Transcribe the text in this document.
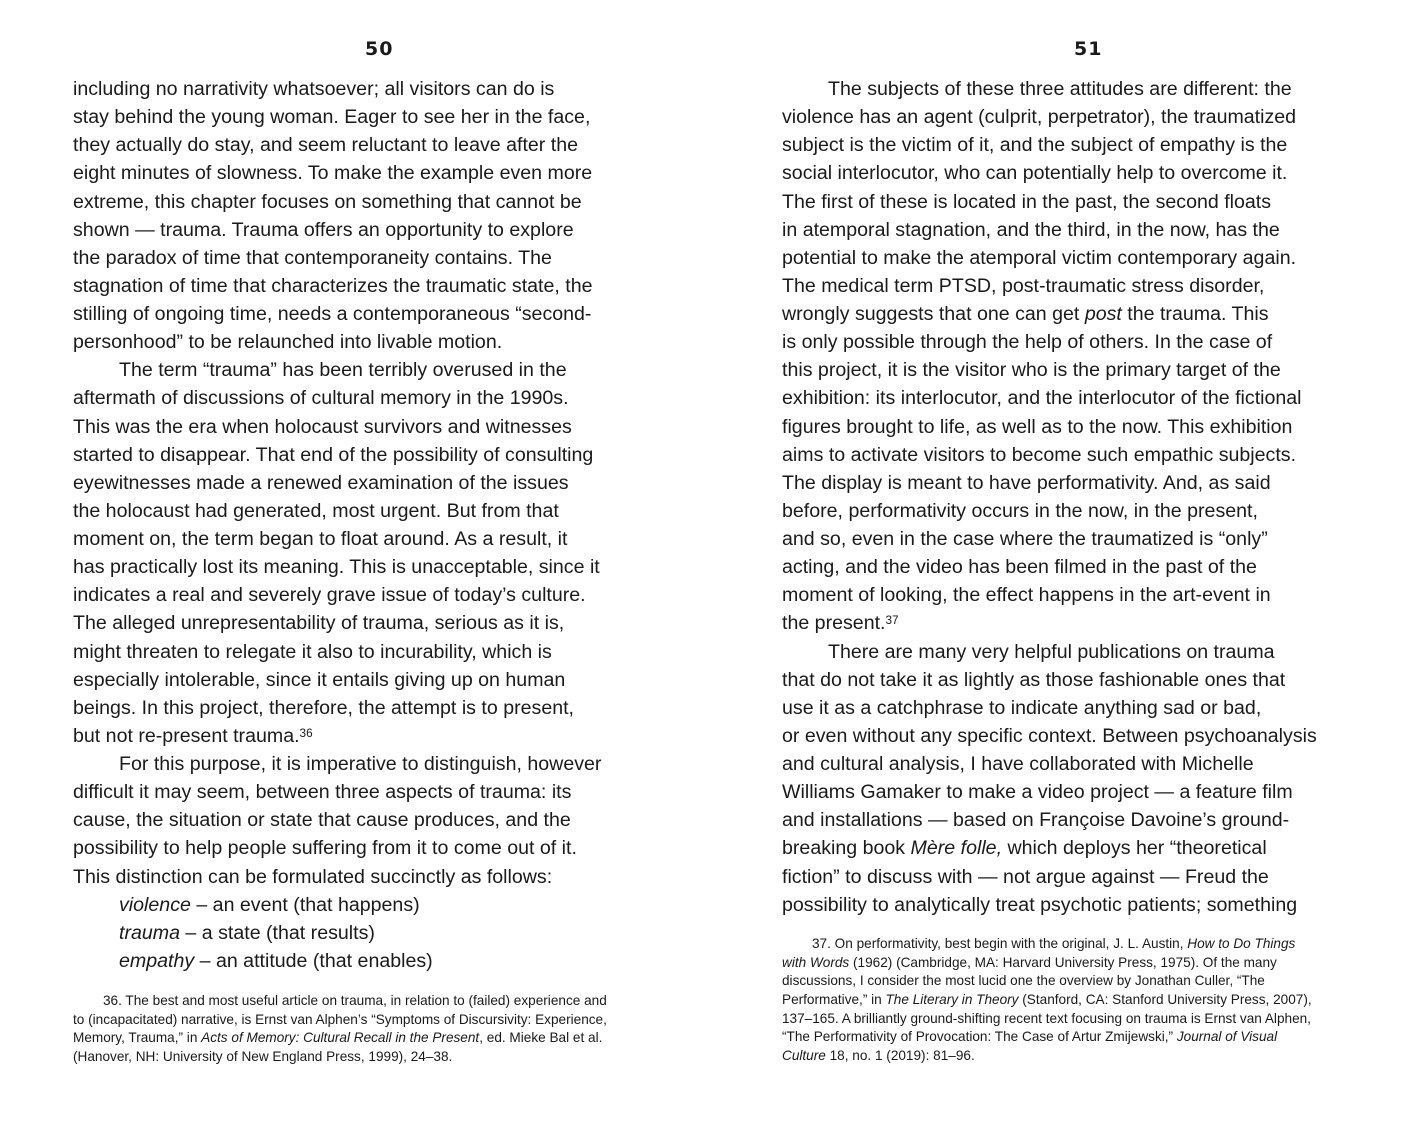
50
including no narrativity whatsoever; all visitors can do is
stay behind the young woman. Eager to see her in the face,
they actually do stay, and seem reluctant to leave after the
eight minutes of slowness. To make the example even more
extreme, this chapter focuses on something that cannot be
shown — trauma. Trauma offers an opportunity to explore
the paradox of time that contemporaneity contains. The
stagnation of time that characterizes the traumatic state, the
stilling of ongoing time, needs a contemporaneous “second-
personhood” to be relaunched into livable motion.
The term “trauma” has been terribly overused in the
aftermath of discussions of cultural memory in the 1990s.
This was the era when holocaust survivors and witnesses
started to disappear. That end of the possibility of consulting
eyewitnesses made a renewed examination of the issues
the holocaust had generated, most urgent. But from that
moment on, the term began to float around. As a result, it
has practically lost its meaning. This is unacceptable, since it
indicates a real and severely grave issue of today’s culture.
The alleged unrepresentability of trauma, serious as it is,
might threaten to relegate it also to incurability, which is
especially intolerable, since it entails giving up on human
beings. In this project, therefore, the attempt is to present,
but not re-present trauma.$^{36}$
For this purpose, it is imperative to distinguish, however
difficult it may seem, between three aspects of trauma: its
cause, the situation or state that cause produces, and the
possibility to help people suffering from it to come out of it.
This distinction can be formulated succinctly as follows:
violence – an event (that happens)
trauma – a state (that results)
empathy – an attitude (that enables)
36. The best and most useful article on trauma, in relation to (failed) experience and
to (incapacitated) narrative, is Ernst van Alphen’s “Symptoms of Discursivity: Experience,
Memory, Trauma,” in Acts of Memory: Cultural Recall in the Present, ed. Mieke Bal et al.
(Hanover, NH: University of New England Press, 1999), 24–38.
51
The subjects of these three attitudes are different: the
violence has an agent (culprit, perpetrator), the traumatized
subject is the victim of it, and the subject of empathy is the
social interlocutor, who can potentially help to overcome it.
The first of these is located in the past, the second floats
in atemporal stagnation, and the third, in the now, has the
potential to make the atemporal victim contemporary again.
The medical term PTSD, post-traumatic stress disorder,
wrongly suggests that one can get post the trauma. This
is only possible through the help of others. In the case of
this project, it is the visitor who is the primary target of the
exhibition: its interlocutor, and the interlocutor of the fictional
figures brought to life, as well as to the now. This exhibition
aims to activate visitors to become such empathic subjects.
The display is meant to have performativity. And, as said
before, performativity occurs in the now, in the present,
and so, even in the case where the traumatized is “only”
acting, and the video has been filmed in the past of the
moment of looking, the effect happens in the art-event in
the present.$^{37}$
There are many very helpful publications on trauma
that do not take it as lightly as those fashionable ones that
use it as a catchphrase to indicate anything sad or bad,
or even without any specific context. Between psychoanalysis
and cultural analysis, I have collaborated with Michelle
Williams Gamaker to make a video project — a feature film
and installations — based on Françoise Davoine’s ground-
breaking book Mère folle, which deploys her “theoretical
fiction” to discuss with — not argue against — Freud the
possibility to analytically treat psychotic patients; something
37. On performativity, best begin with the original, J. L. Austin, How to Do Things
with Words (1962) (Cambridge, MA: Harvard University Press, 1975). Of the many
discussions, I consider the most lucid one the overview by Jonathan Culler, “The
Performative,” in The Literary in Theory (Stanford, CA: Stanford University Press, 2007),
137–165. A brilliantly ground-shifting recent text focusing on trauma is Ernst van Alphen,
“The Performativity of Provocation: The Case of Artur Zmijewski,” Journal of Visual
Culture 18, no. 1 (2019): 81–96.
